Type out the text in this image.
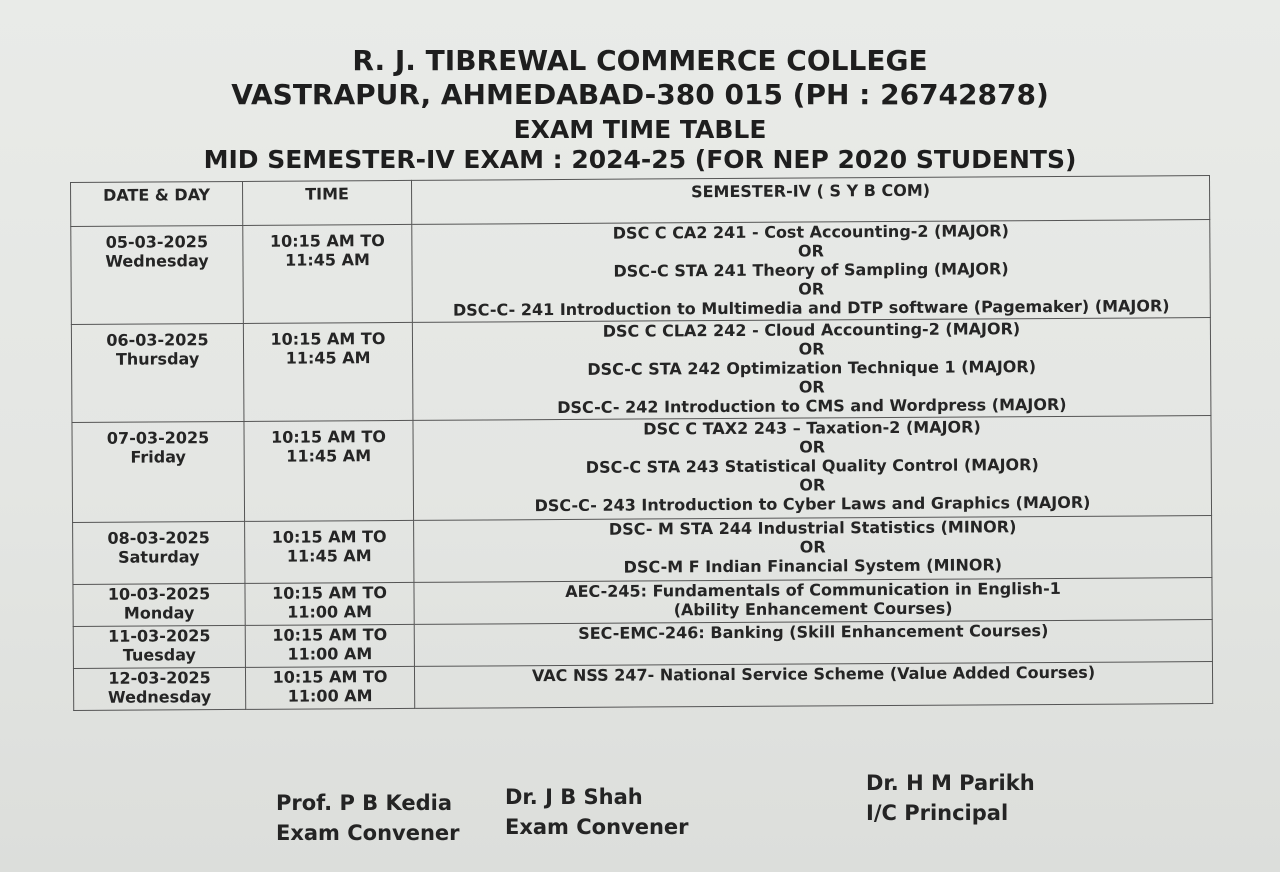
R. J. TIBREWAL COMMERCE COLLEGE
VASTRAPUR, AHMEDABAD-380 015 (PH : 26742878)
EXAM TIME TABLE
MID SEMESTER-IV EXAM : 2024-25 (FOR NEP 2020 STUDENTS)
DATE & DAY	TIME	SEMESTER-IV ( S Y B COM)

05-03-2025
Wednesday	10:15 AM TO
11:45 AM	DSC C CA2 241 - Cost Accounting-2 (MAJOR)
OR
DSC-C STA 241 Theory of Sampling (MAJOR)
OR
DSC-C- 241 Introduction to Multimedia and DTP software (Pagemaker) (MAJOR)

06-03-2025
Thursday	10:15 AM TO
11:45 AM	DSC C CLA2 242 - Cloud Accounting-2 (MAJOR)
OR
DSC-C STA 242 Optimization Technique 1 (MAJOR)
OR
DSC-C- 242 Introduction to CMS and Wordpress (MAJOR)

07-03-2025
Friday	10:15 AM TO
11:45 AM	DSC C TAX2 243 – Taxation-2 (MAJOR)
OR
DSC-C STA 243 Statistical Quality Control (MAJOR)
OR
DSC-C- 243 Introduction to Cyber Laws and Graphics (MAJOR)

08-03-2025
Saturday	10:15 AM TO
11:45 AM	DSC- M STA 244 Industrial Statistics (MINOR)
OR
DSC-M F Indian Financial System (MINOR)

10-03-2025
Monday	10:15 AM TO
11:00 AM	AEC-245: Fundamentals of Communication in English-1
(Ability Enhancement Courses)

11-03-2025
Tuesday	10:15 AM TO
11:00 AM	SEC-EMC-246: Banking (Skill Enhancement Courses)

12-03-2025
Wednesday	10:15 AM TO
11:00 AM	VAC NSS 247- National Service Scheme (Value Added Courses)
Prof. P B Kedia
Exam Convener
Dr. J B Shah
Exam Convener
Dr. H M Parikh
I/C Principal
